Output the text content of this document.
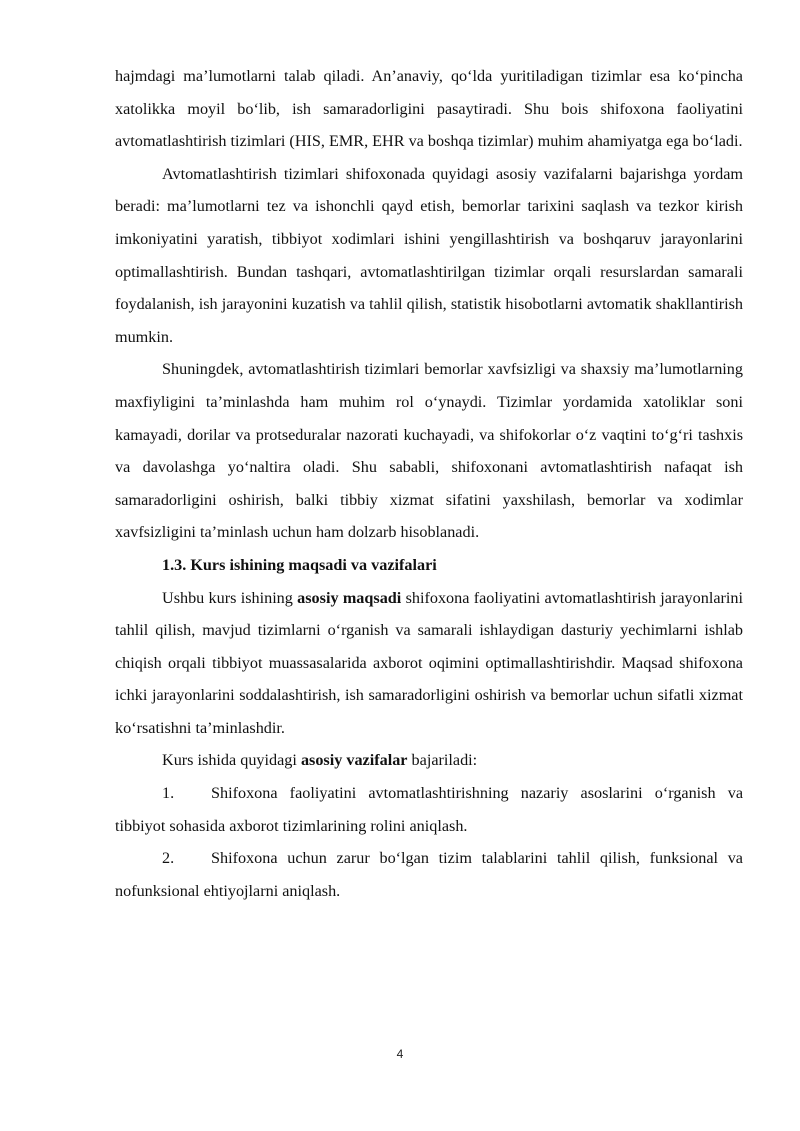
hajmdagi maʼlumotlarni talab qiladi. Anʼanaviy, qoʻlda yuritiladigan tizimlar esa koʻpincha xatolikka moyil boʻlib, ish samaradorligini pasaytiradi. Shu bois shifoxona faoliyatini avtomatlashtirish tizimlari (HIS, EMR, EHR va boshqa tizimlar) muhim ahamiyatga ega boʻladi.

Avtomatlashtirish tizimlari shifoxonada quyidagi asosiy vazifalarni bajarishga yordam beradi: maʼlumotlarni tez va ishonchli qayd etish, bemorlar tarixini saqlash va tezkor kirish imkoniyatini yaratish, tibbiyot xodimlari ishini yengillashtirish va boshqaruv jarayonlarini optimallashtirish. Bundan tashqari, avtomatlashtirilgan tizimlar orqali resurslardan samarali foydalanish, ish jarayonini kuzatish va tahlil qilish, statistik hisobotlarni avtomatik shakllantirish mumkin.

Shuningdek, avtomatlashtirish tizimlari bemorlar xavfsizligi va shaxsiy maʼlumotlarning maxfiyligini taʼminlashda ham muhim rol oʻynaydi. Tizimlar yordamida xatoliklar soni kamayadi, dorilar va protseduralar nazorati kuchayadi, va shifokorlar oʻz vaqtini toʻgʻri tashxis va davolashga yoʻnaltira oladi. Shu sababli, shifoxonani avtomatlashtirish nafaqat ish samaradorligini oshirish, balki tibbiy xizmat sifatini yaxshilash, bemorlar va xodimlar xavfsizligini taʼminlash uchun ham dolzarb hisoblanadi.

1.3. Kurs ishining maqsadi va vazifalari

Ushbu kurs ishining asosiy maqsadi shifoxona faoliyatini avtomatlashtirish jarayonlarini tahlil qilish, mavjud tizimlarni oʻrganish va samarali ishlaydigan dasturiy yechimlarni ishlab chiqish orqali tibbiyot muassasalarida axborot oqimini optimallashtirishdir. Maqsad shifoxona ichki jarayonlarini soddalashtirish, ish samaradorligini oshirish va bemorlar uchun sifatli xizmat koʻrsatishni taʼminlashdir.

Kurs ishida quyidagi asosiy vazifalar bajariladi:

1. Shifoxona faoliyatini avtomatlashtirishning nazariy asoslarini oʻrganish va tibbiyot sohasida axborot tizimlarining rolini aniqlash.

2. Shifoxona uchun zarur boʻlgan tizim talablarini tahlil qilish, funksional va nofunksional ehtiyojlarni aniqlash.

4
